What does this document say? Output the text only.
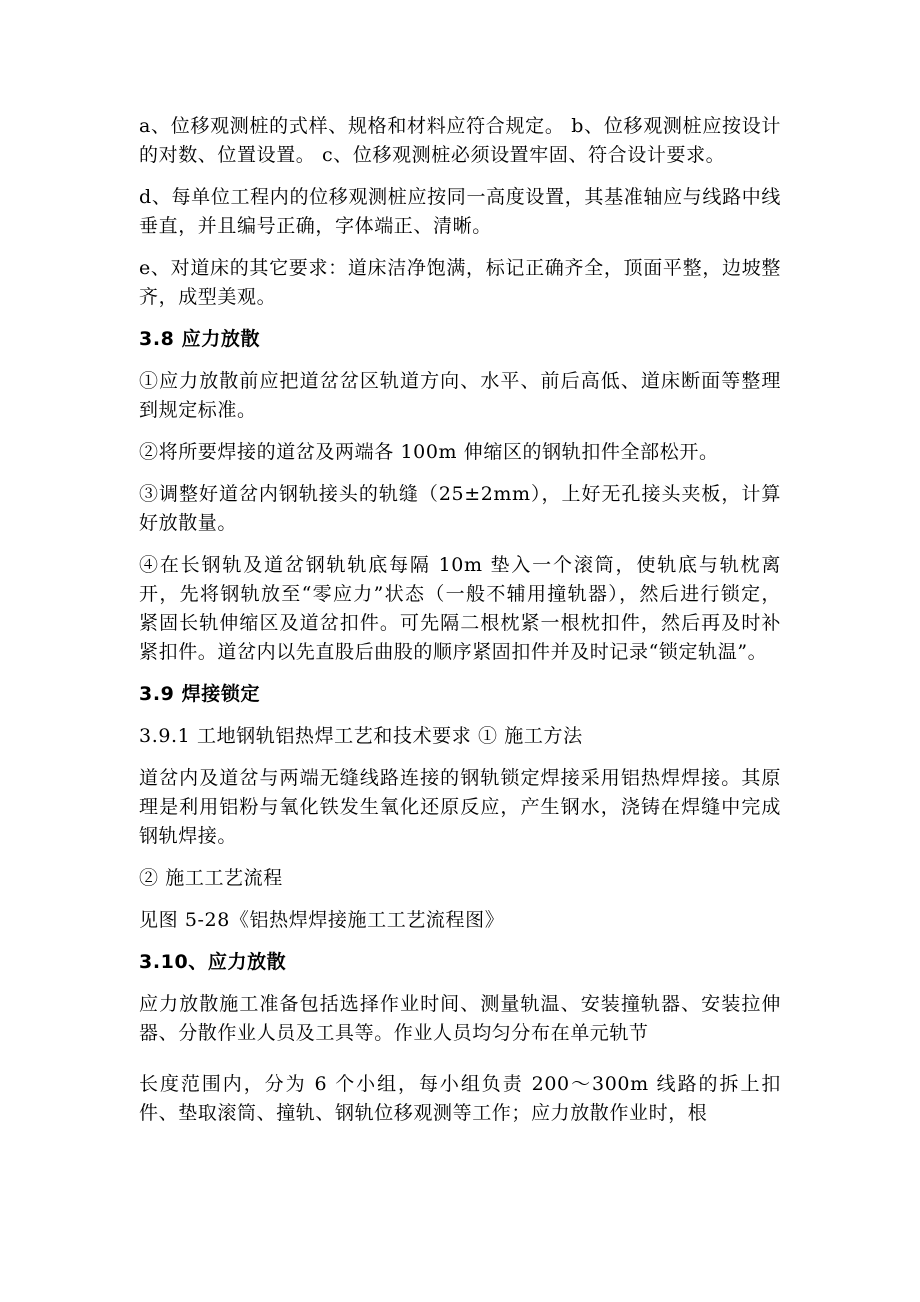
a、位移观测桩的式样、规格和材料应符合规定。 b、位移观测桩应按设计的对数、位置设置。 c、位移观测桩必须设置牢固、符合设计要求。

d、每单位工程内的位移观测桩应按同一高度设置，其基准轴应与线路中线垂直，并且编号正确，字体端正、清晰。

e、对道床的其它要求：道床洁净饱满，标记正确齐全，顶面平整，边坡整齐，成型美观。

3.8 应力放散

①应力放散前应把道岔岔区轨道方向、水平、前后高低、道床断面等整理到规定标准。

②将所要焊接的道岔及两端各 100m 伸缩区的钢轨扣件全部松开。

③调整好道岔内钢轨接头的轨缝（25±2mm），上好无孔接头夹板，计算好放散量。

④在长钢轨及道岔钢轨轨底每隔 10m 垫入一个滚筒，使轨底与轨枕离开，先将钢轨放至“零应力”状态（一般不辅用撞轨器），然后进行锁定， 紧固长轨伸缩区及道岔扣件。可先隔二根枕紧一根枕扣件，然后再及时补紧扣件。道岔内以先直股后曲股的顺序紧固扣件并及时记录“锁定轨温”。

3.9 焊接锁定

3.9.1 工地钢轨铝热焊工艺和技术要求 ① 施工方法

道岔内及道岔与两端无缝线路连接的钢轨锁定焊接采用铝热焊焊接。其原理是利用铝粉与氧化铁发生氧化还原反应，产生钢水，浇铸在焊缝中完成钢轨焊接。

② 施工工艺流程

见图 5-28《铝热焊焊接施工工艺流程图》

3.10、应力放散

应力放散施工准备包括选择作业时间、测量轨温、安装撞轨器、安装拉伸器、分散作业人员及工具等。作业人员均匀分布在单元轨节

长度范围内，分为 6 个小组，每小组负责 200～300m 线路的拆上扣件、垫取滚筒、撞轨、钢轨位移观测等工作；应力放散作业时，根
